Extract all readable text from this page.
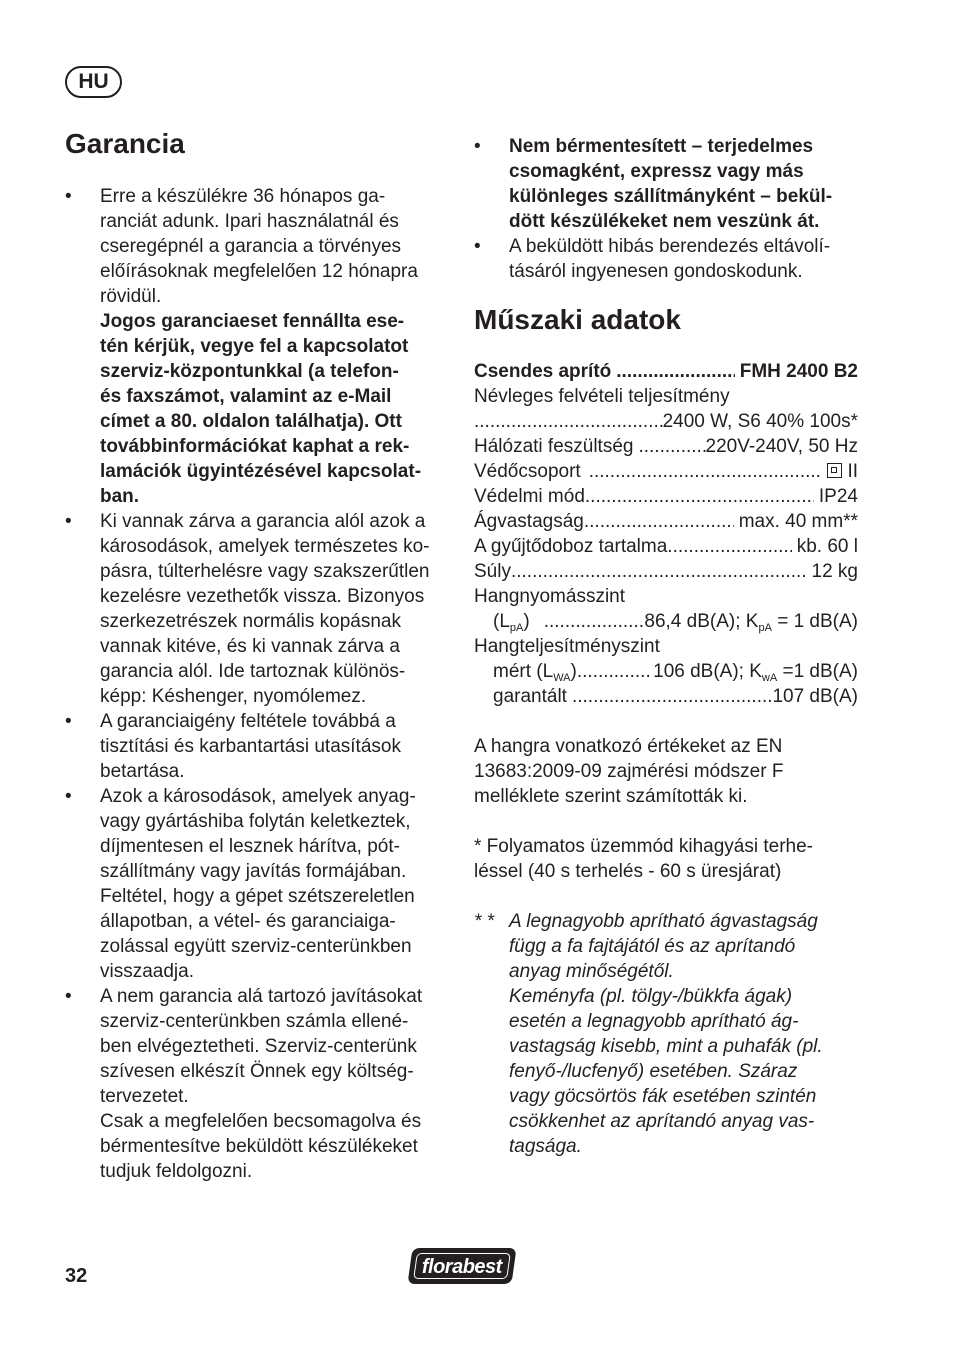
HU
Garancia
• Erre a készülékre 36 hónapos ga-
ranciát adunk. Ipari használatnál és
cseregépnél a garancia a törvényes
előírásoknak megfelelően 12 hónapra
rövidül.
Jogos garanciaeset fennállta ese-
tén kérjük, vegye fel a kapcsolatot
szerviz-központunkkal (a telefon-
és faxszámot, valamint az e-Mail
címet a 80. oldalon találhatja). Ott
továbbinformációkat kaphat a rek-
lamációk ügyintézésével kapcsolat-
ban.
• Ki vannak zárva a garancia alól azok a
károsodások, amelyek természetes ko-
pásra, túlterhelésre vagy szakszerűtlen
kezelésre vezethetők vissza. Bizonyos
szerkezetrészek normális kopásnak
vannak kitéve, és ki vannak zárva a
garancia alól. Ide tartoznak különös-
képp: Késhenger, nyomólemez.
• A garanciaigény feltétele továbbá a
tisztítási és karbantartási utasítások
betartása.
• Azok a károsodások, amelyek anyag-
vagy gyártáshiba folytán keletkeztek,
díjmentesen el lesznek hárítva, pót-
szállítmány vagy javítás formájában.
Feltétel, hogy a gépet szétszereletlen
állapotban, a vétel- és garanciaiga-
zolással együtt szerviz-centerünkben
visszaadja.
• A nem garancia alá tartozó javításokat
szerviz-centerünkben számla ellené-
ben elvégeztetheti. Szerviz-centerünk
szívesen elkészít Önnek egy költség-
tervezetet.
Csak a megfelelően becsomagolva és
bérmentesítve beküldött készülékeket
tudjuk feldolgozni.
• Nem bérmentesített – terjedelmes
csomagként, expressz vagy más
különleges szállítmányként – bekül-
dött készülékeket nem veszünk át.
• A beküldött hibás berendezés eltávolí-
tásáról ingyenesen gondoskodunk.
Műszaki adatok
Csendes aprító .....	FMH 2400 B2
Névleges felvételi teljesítmény
.....
2400 W, S6 40% 100s*
Hálózati feszültség .....	220V-240V, 50 Hz
Védőcsoport .....	II
Védelmi mód .....	IP24
Ágvastagság .....	max. 40 mm**
A gyűjtődoboz tartalma .....	kb. 60 l
Súly .....	12 kg
Hangnyomásszint
$(L_{pA})$ .....	86,4 dB(A); $K_{pA} = 1$ dB(A)
Hangteljesítményszint
mért $(L_{WA})$ .....	106 dB(A); $K_{wA} =1$ dB(A)
garantált .....	107 dB(A)
A hangra vonatkozó értékeket az EN
13683:2009-09 zajmérési módszer F
melléklete szerint számították ki.
* Folyamatos üzemmód kihagyási terhe-
léssel (40 s terhelés - 60 s üresjárat)
* * A legnagyobb aprítható ágvastagság
függ a fa fajtájától és az aprítandó
anyag minőségétől.
Keményfa (pl. tölgy-/bükkfa ágak)
esetén a legnagyobb aprítható ág-
vastagság kisebb, mint a puhafák (pl.
fenyő-/lucfenyő) esetében. Száraz
vagy göcsörtös fák esetében szintén
csökkenhet az aprítandó anyag vas-
tagsága.
32	florabest
